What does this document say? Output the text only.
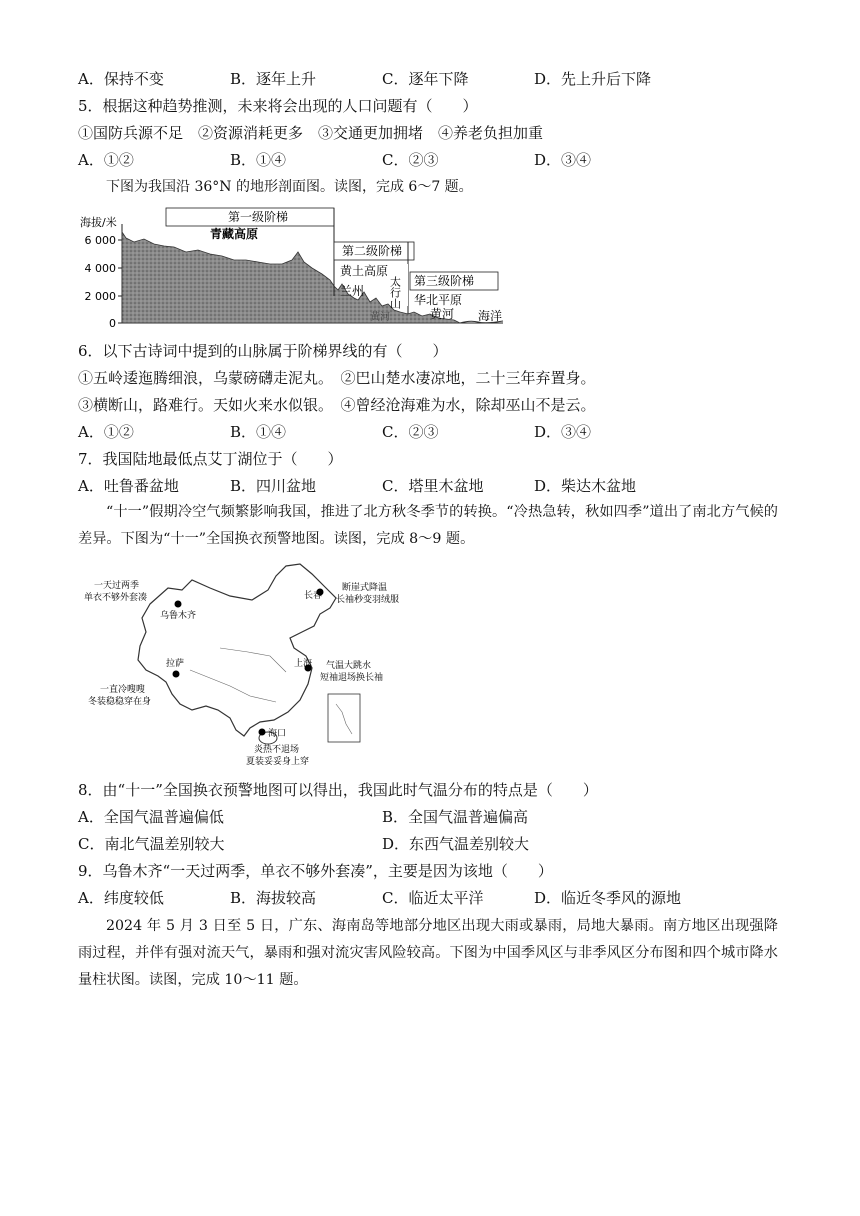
A．保持不变	B．逐年上升	C．逐年下降	D．先上升后下降
5．根据这种趋势推测，未来将会出现的人口问题有（　　）
①国防兵源不足　②资源消耗更多　③交通更加拥堵　④养老负担加重
A．①②	B．①④	C．②③	D．③④
下图为我国沿 36°N 的地形剖面图。读图，完成 6～7 题。
海拔/米
6 000
4 000
2 000
0
第一级阶梯
青藏高原
第二级阶梯
黄土高原
兰州 太行山 第三级阶梯
华北平原
黄河
黄河	海洋
6．以下古诗词中提到的山脉属于阶梯界线的有（　　）
①五岭逶迤腾细浪，乌蒙磅礴走泥丸。　②巴山楚水凄凉地，二十三年弃置身。
③横断山，路难行。天如火来水似银。　④曾经沧海难为水，除却巫山不是云。
A．①②	B．①④	C．②③	D．③④
7．我国陆地最低点艾丁湖位于（　　）
A．吐鲁番盆地	B．四川盆地	C．塔里木盆地	D．柴达木盆地
“十一”假期冷空气频繁影响我国，推进了北方秋冬季节的转换。“冷热急转，秋如四季”道出了南北方气候的差异。下图为“十一”全国换衣预警地图。读图，完成 8～9 题。
乌鲁木齐
长春
拉萨	上海
海口
一天过两季
单衣不够外套凑
断崖式降温
长袖秒变羽绒服
一直冷嗖嗖
冬装稳稳穿在身
气温大跳水
短袖退场换长袖
炎热不退场
夏装妥妥身上穿
8．由“十一”全国换衣预警地图可以得出，我国此时气温分布的特点是（　　）
A．全国气温普遍偏低	B．全国气温普遍偏高
C．南北气温差别较大	D．东西气温差别较大
9．乌鲁木齐“一天过两季，单衣不够外套凑”，主要是因为该地（　　）
A．纬度较低	B．海拔较高	C．临近太平洋	D．临近冬季风的源地
2024 年 5 月 3 日至 5 日，广东、海南岛等地部分地区出现大雨或暴雨，局地大暴雨。南方地区出现强降雨过程，并伴有强对流天气，暴雨和强对流灾害风险较高。下图为中国季风区与非季风区分布图和四个城市降水量柱状图。读图，完成 10～11 题。
